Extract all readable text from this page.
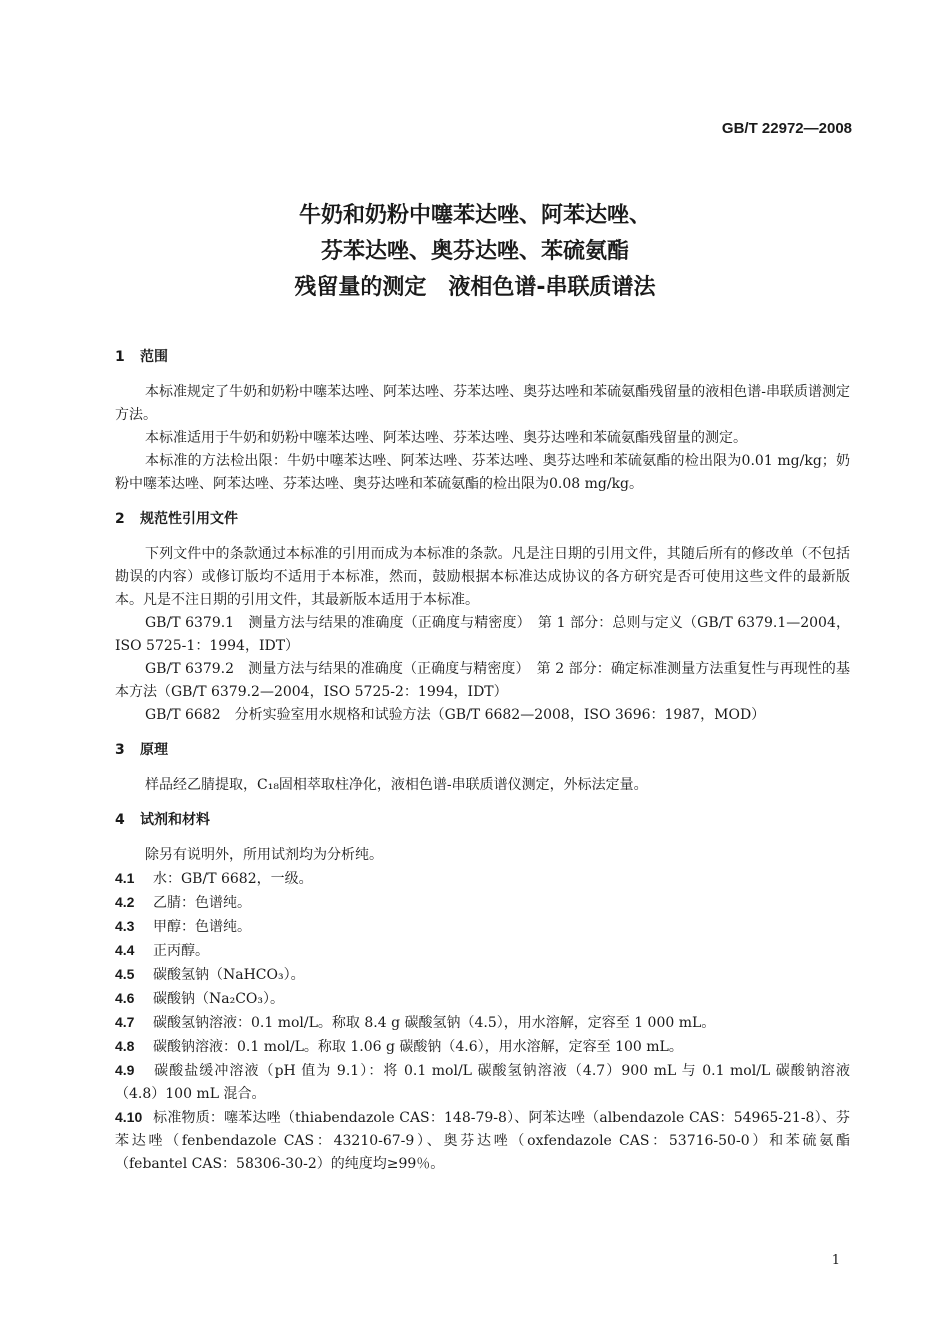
GB/T 22972—2008
牛奶和奶粉中噻苯达唑、阿苯达唑、
芬苯达唑、奥芬达唑、苯硫氨酯
残留量的测定　液相色谱-串联质谱法
1 范围

本标准规定了牛奶和奶粉中噻苯达唑、阿苯达唑、芬苯达唑、奥芬达唑和苯硫氨酯残留量的液相色谱-串联质谱测定方法。

本标准适用于牛奶和奶粉中噻苯达唑、阿苯达唑、芬苯达唑、奥芬达唑和苯硫氨酯残留量的测定。

本标准的方法检出限：牛奶中噻苯达唑、阿苯达唑、芬苯达唑、奥芬达唑和苯硫氨酯的检出限为0.01 mg/kg；奶粉中噻苯达唑、阿苯达唑、芬苯达唑、奥芬达唑和苯硫氨酯的检出限为0.08 mg/kg。

2 规范性引用文件

下列文件中的条款通过本标准的引用而成为本标准的条款。凡是注日期的引用文件，其随后所有的修改单（不包括勘误的内容）或修订版均不适用于本标准，然而，鼓励根据本标准达成协议的各方研究是否可使用这些文件的最新版本。凡是不注日期的引用文件，其最新版本适用于本标准。

GB/T 6379.1　测量方法与结果的准确度（正确度与精密度）　第 1 部分：总则与定义（GB/T 6379.1—2004，ISO 5725-1：1994，IDT）

GB/T 6379.2　测量方法与结果的准确度（正确度与精密度）　第 2 部分：确定标准测量方法重复性与再现性的基本方法（GB/T 6379.2—2004，ISO 5725-2：1994，IDT）

GB/T 6682　分析实验室用水规格和试验方法（GB/T 6682—2008，ISO 3696：1987，MOD）

3 原理

样品经乙腈提取，C₁₈固相萃取柱净化，液相色谱-串联质谱仪测定，外标法定量。

4 试剂和材料

除另有说明外，所用试剂均为分析纯。

4.1 水：GB/T 6682，一级。

4.2 乙腈：色谱纯。

4.3 甲醇：色谱纯。

4.4 正丙醇。

4.5 碳酸氢钠（NaHCO₃）。

4.6 碳酸钠（Na₂CO₃）。

4.7 碳酸氢钠溶液：0.1 mol/L。称取 8.4 g 碳酸氢钠（4.5），用水溶解，定容至 1 000 mL。

4.8 碳酸钠溶液：0.1 mol/L。称取 1.06 g 碳酸钠（4.6），用水溶解，定容至 100 mL。

4.9 碳酸盐缓冲溶液（pH 值为 9.1）：将 0.1 mol/L 碳酸氢钠溶液（4.7）900 mL 与 0.1 mol/L 碳酸钠溶液（4.8）100 mL 混合。

4.10 标准物质：噻苯达唑（thiabendazole CAS：148-79-8）、阿苯达唑（albendazole CAS：54965-21-8）、芬苯达唑（fenbendazole CAS：43210-67-9）、奥芬达唑（oxfendazole CAS：53716-50-0）和苯硫氨酯（febantel CAS：58306-30-2）的纯度均≥99％。

1
